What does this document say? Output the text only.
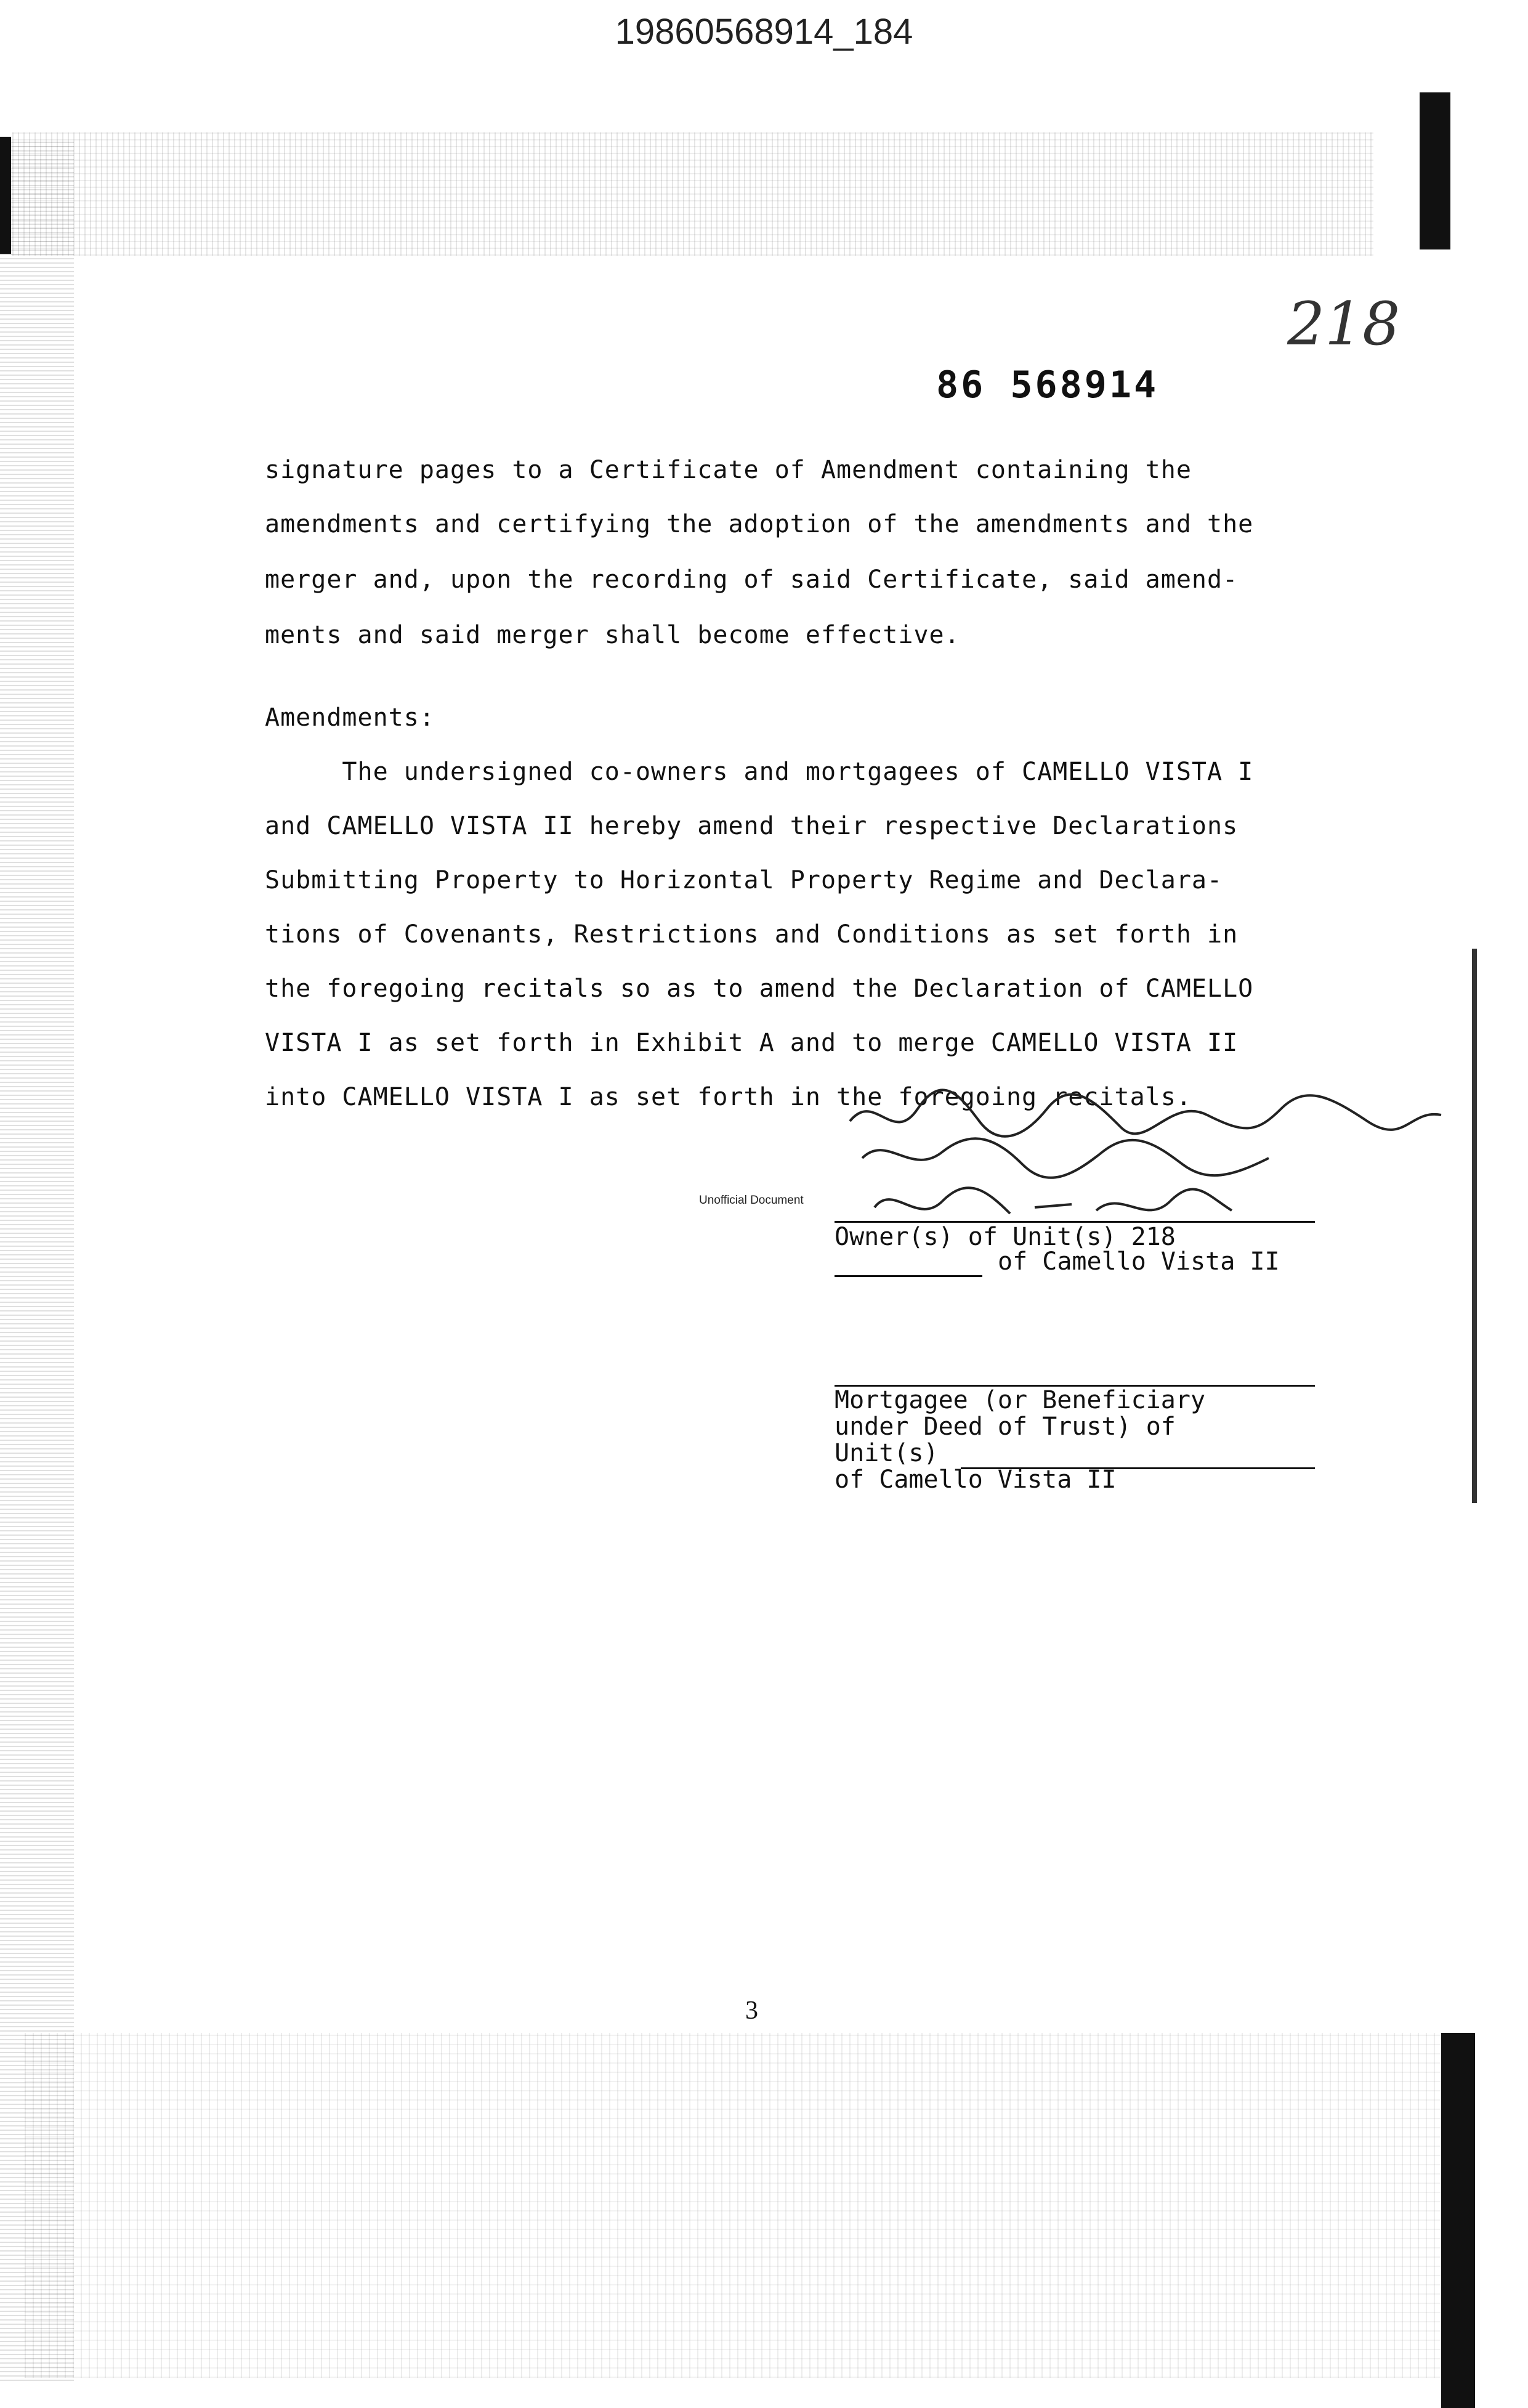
19860568914_184
218
86 568914
signature pages to a Certificate of Amendment containing the
amendments and certifying the adoption of the amendments and the
merger and, upon the recording of said Certificate, said amend-
ments and said merger shall become effective.
Amendments:
The undersigned co-owners and mortgagees of CAMELLO VISTA I
and CAMELLO VISTA II hereby amend their respective Declarations
Submitting Property to Horizontal Property Regime and Declara-
tions of Covenants, Restrictions and Conditions as set forth in
the foregoing recitals so as to amend the Declaration of CAMELLO
VISTA I as set forth in Exhibit A and to merge CAMELLO VISTA II
into CAMELLO VISTA I as set forth in the foregoing recitals.
Unofficial Document
Owner(s) of Unit(s) 218
of Camello Vista II
Mortgagee (or Beneficiary
under Deed of Trust) of
Unit(s)
of Camello Vista II
3
